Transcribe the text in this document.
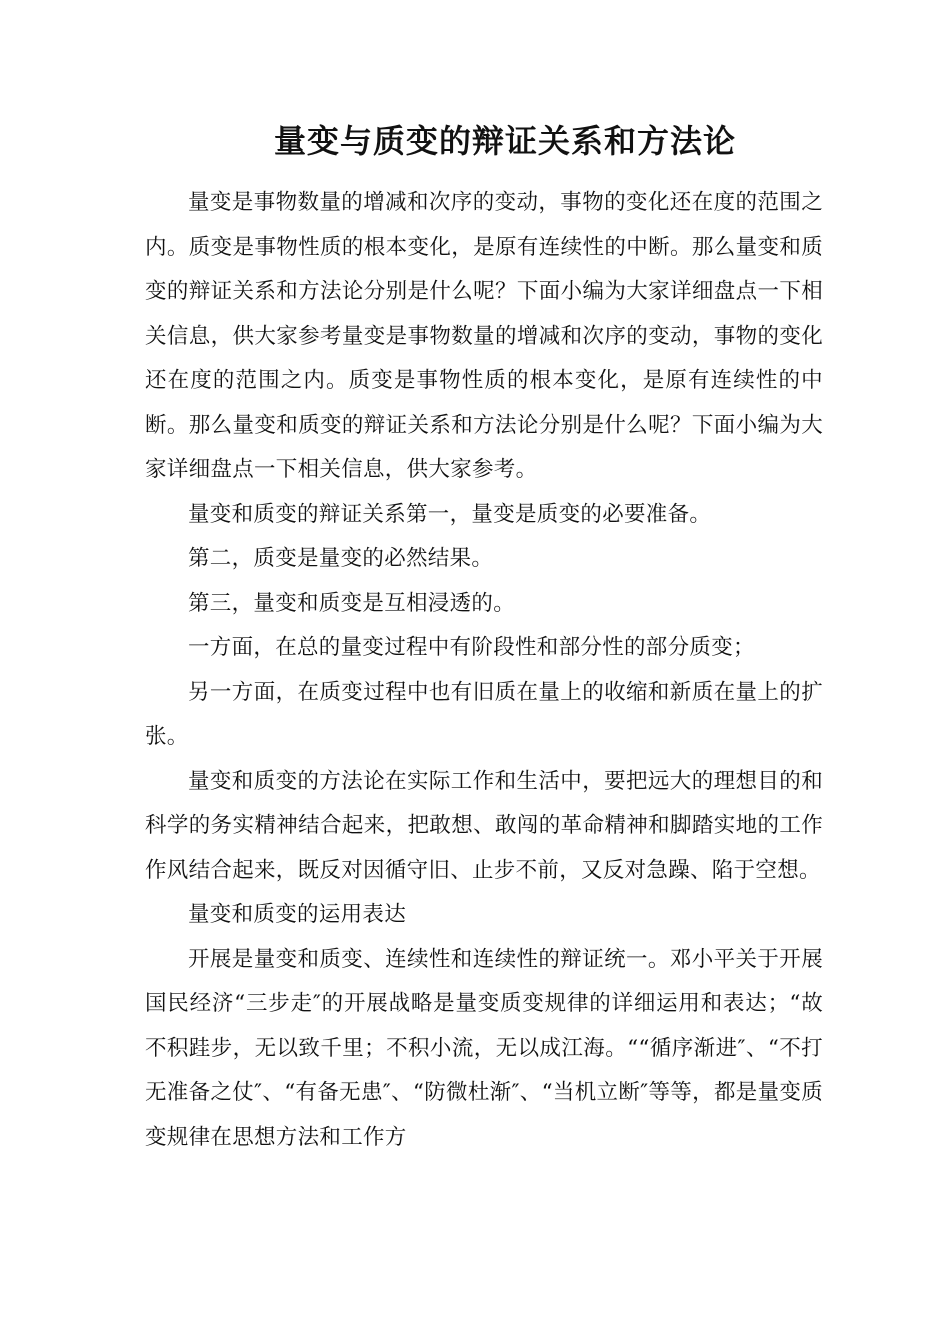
量变与质变的辩证关系和方法论

量变是事物数量的增减和次序的变动，事物的变化还在度的范围之内。质变是事物性质的根本变化，是原有连续性的中断。那么量变和质变的辩证关系和方法论分别是什么呢？下面小编为大家详细盘点一下相关信息，供大家参考量变是事物数量的增减和次序的变动，事物的变化还在度的范围之内。质变是事物性质的根本变化，是原有连续性的中断。那么量变和质变的辩证关系和方法论分别是什么呢？下面小编为大家详细盘点一下相关信息，供大家参考。

量变和质变的辩证关系第一，量变是质变的必要准备。

第二，质变是量变的必然结果。

第三，量变和质变是互相浸透的。

一方面，在总的量变过程中有阶段性和部分性的部分质变；

另一方面，在质变过程中也有旧质在量上的收缩和新质在量上的扩张。

量变和质变的方法论在实际工作和生活中，要把远大的理想目的和科学的务实精神结合起来，把敢想、敢闯的革命精神和脚踏实地的工作作风结合起来，既反对因循守旧、止步不前，又反对急躁、陷于空想。

量变和质变的运用表达

开展是量变和质变、连续性和连续性的辩证统一。邓小平关于开展国民经济“三步走″的开展战略是量变质变规律的详细运用和表达；“故不积跬步，无以致千里；不积小流，无以成江海。““循序渐进″、“不打无准备之仗″、“有备无患″、“防微杜渐″、“当机立断″等等，都是量变质变规律在思想方法和工作方
